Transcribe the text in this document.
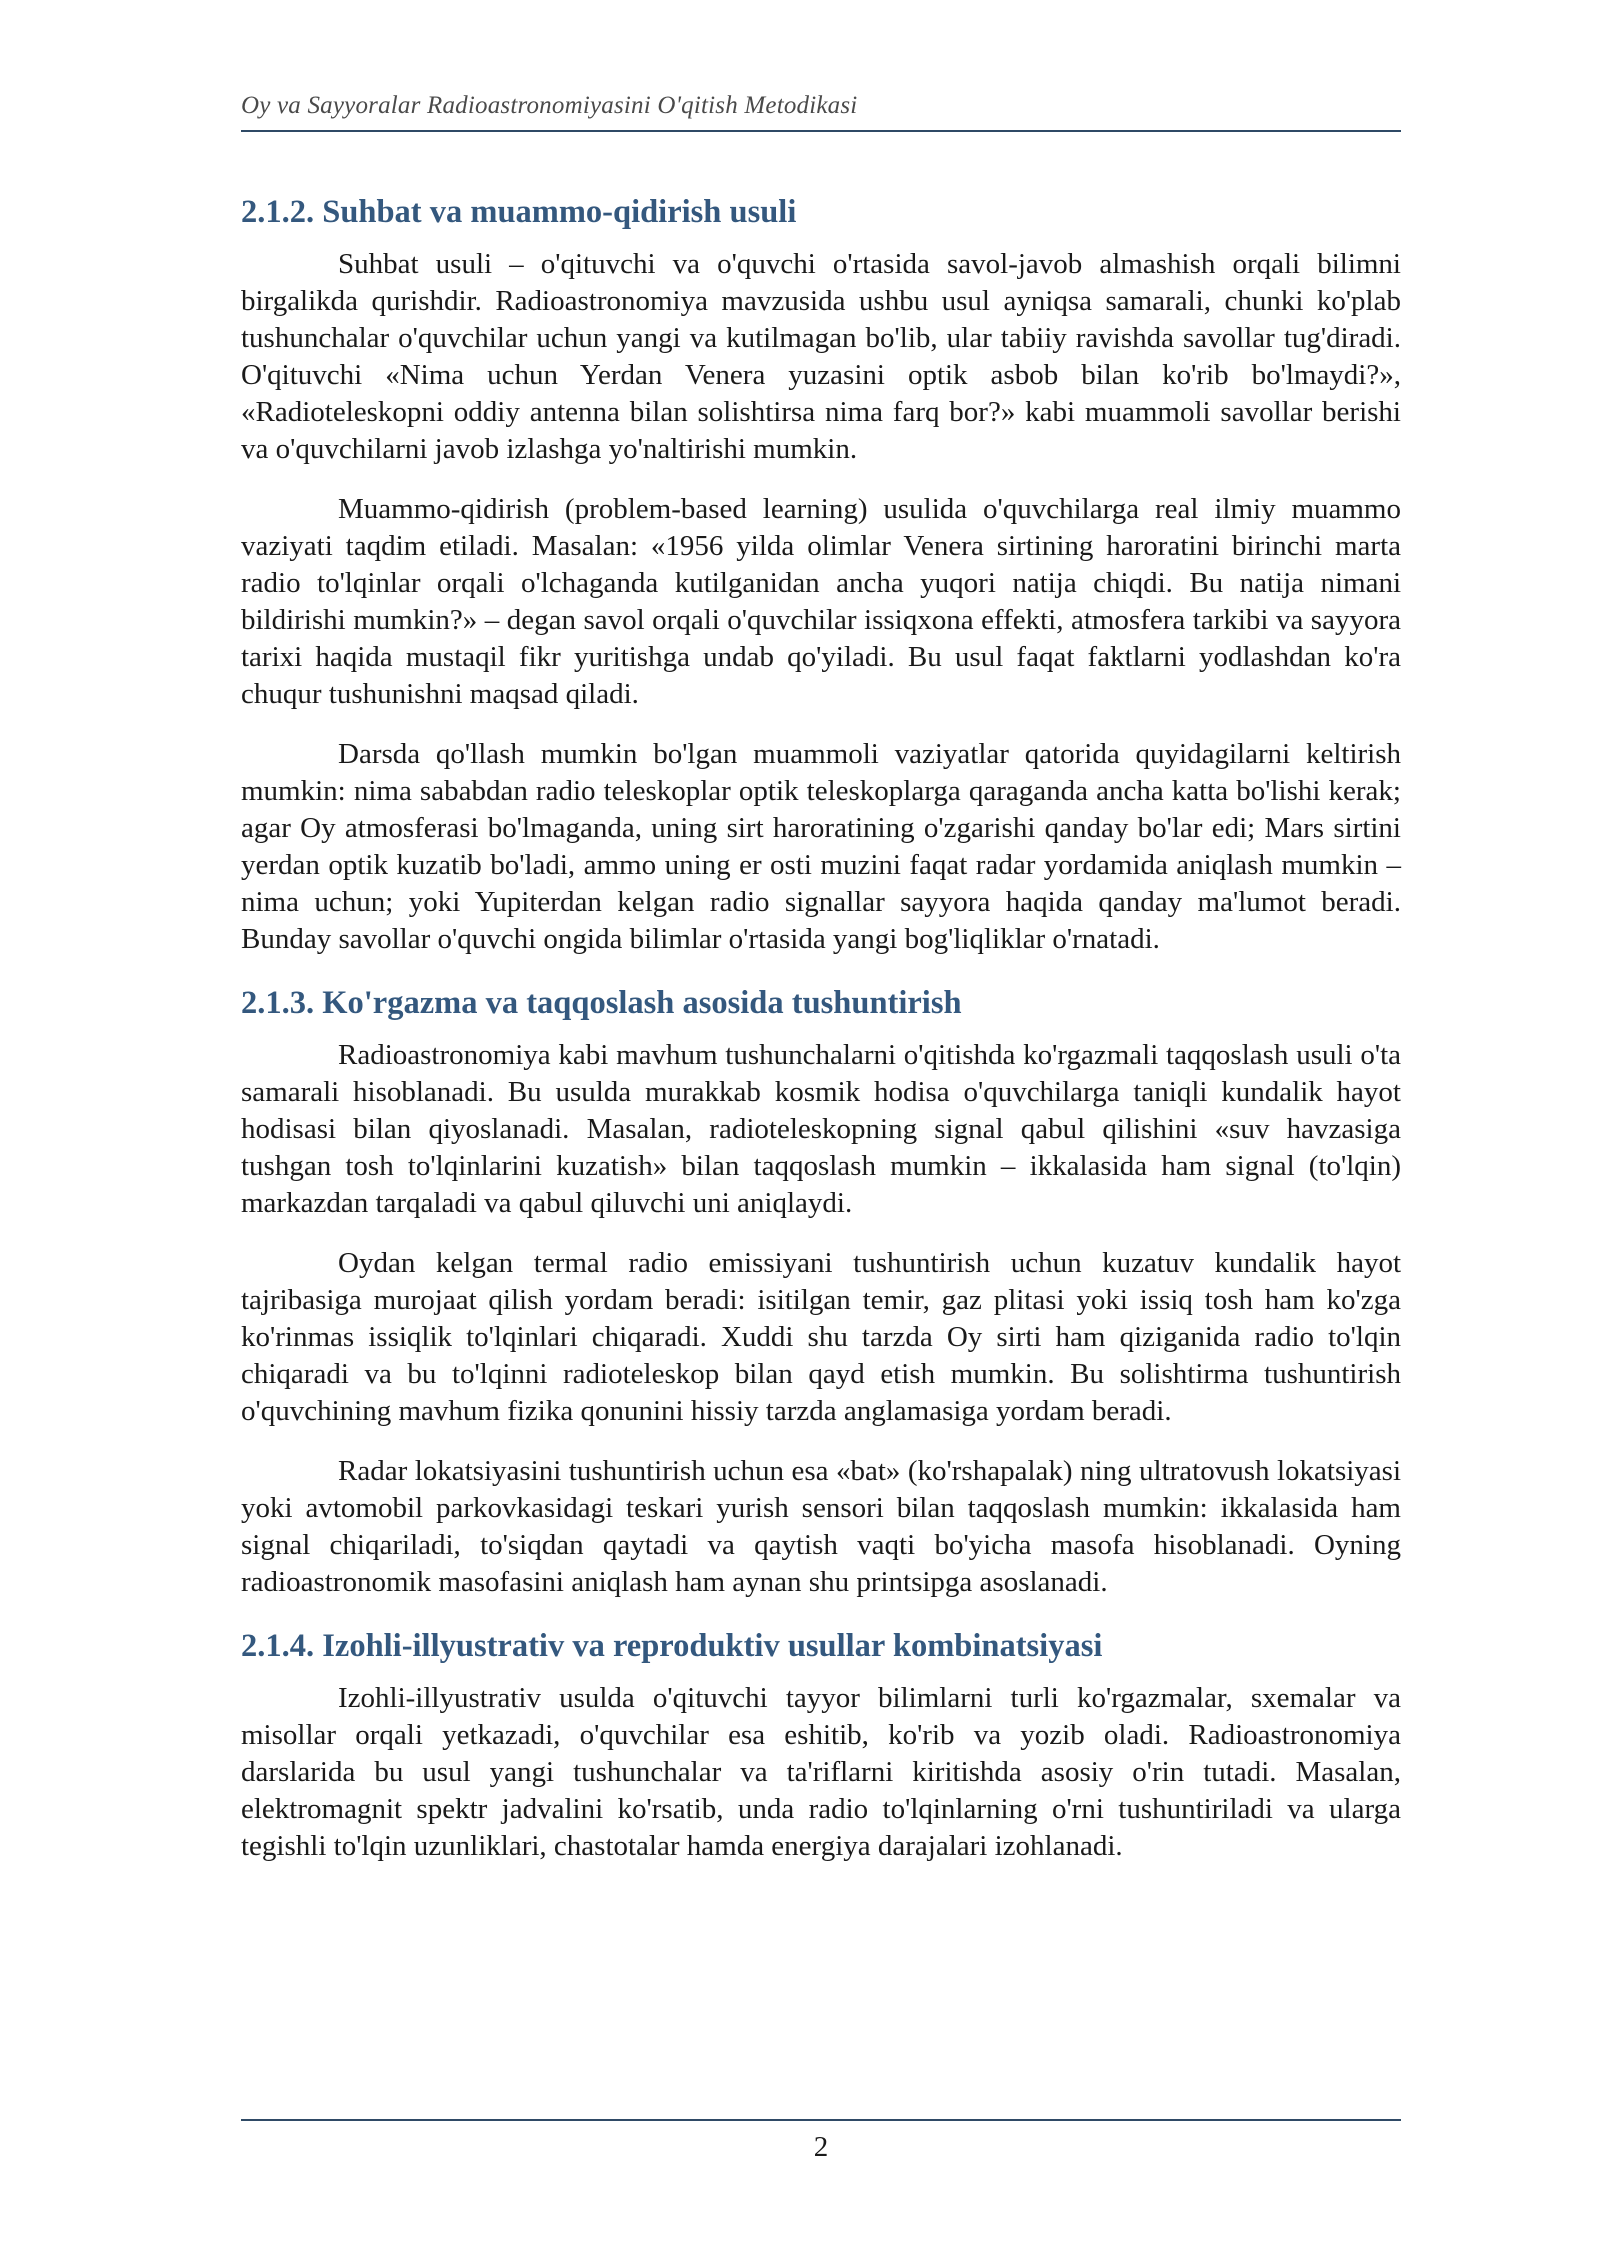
Oy va Sayyoralar Radioastronomiyasini O'qitish Metodikasi
2.1.2. Suhbat va muammo-qidirish usuli

Suhbat usuli – o'qituvchi va o'quvchi o'rtasida savol-javob almashish orqali bilimni birgalikda qurishdir. Radioastronomiya mavzusida ushbu usul ayniqsa samarali, chunki ko'plab tushunchalar o'quvchilar uchun yangi va kutilmagan bo'lib, ular tabiiy ravishda savollar tug'diradi. O'qituvchi «Nima uchun Yerdan Venera yuzasini optik asbob bilan ko'rib bo'lmaydi?», «Radioteleskopni oddiy antenna bilan solishtirsa nima farq bor?» kabi muammoli savollar berishi va o'quvchilarni javob izlashga yo'naltirishi mumkin.

Muammo-qidirish (problem-based learning) usulida o'quvchilarga real ilmiy muammo vaziyati taqdim etiladi. Masalan: «1956 yilda olimlar Venera sirtining haroratini birinchi marta radio to'lqinlar orqali o'lchaganda kutilganidan ancha yuqori natija chiqdi. Bu natija nimani bildirishi mumkin?» – degan savol orqali o'quvchilar issiqxona effekti, atmosfera tarkibi va sayyora tarixi haqida mustaqil fikr yuritishga undab qo'yiladi. Bu usul faqat faktlarni yodlashdan ko'ra chuqur tushunishni maqsad qiladi.

Darsda qo'llash mumkin bo'lgan muammoli vaziyatlar qatorida quyidagilarni keltirish mumkin: nima sababdan radio teleskoplar optik teleskoplarga qaraganda ancha katta bo'lishi kerak; agar Oy atmosferasi bo'lmaganda, uning sirt haroratining o'zgarishi qanday bo'lar edi; Mars sirtini yerdan optik kuzatib bo'ladi, ammo uning er osti muzini faqat radar yordamida aniqlash mumkin – nima uchun; yoki Yupiterdan kelgan radio signallar sayyora haqida qanday ma'lumot beradi. Bunday savollar o'quvchi ongida bilimlar o'rtasida yangi bog'liqliklar o'rnatadi.

2.1.3. Ko'rgazma va taqqoslash asosida tushuntirish

Radioastronomiya kabi mavhum tushunchalarni o'qitishda ko'rgazmali taqqoslash usuli o'ta samarali hisoblanadi. Bu usulda murakkab kosmik hodisa o'quvchilarga taniqli kundalik hayot hodisasi bilan qiyoslanadi. Masalan, radioteleskopning signal qabul qilishini «suv havzasiga tushgan tosh to'lqinlarini kuzatish» bilan taqqoslash mumkin – ikkalasida ham signal (to'lqin) markazdan tarqaladi va qabul qiluvchi uni aniqlaydi.

Oydan kelgan termal radio emissiyani tushuntirish uchun kuzatuv kundalik hayot tajribasiga murojaat qilish yordam beradi: isitilgan temir, gaz plitasi yoki issiq tosh ham ko'zga ko'rinmas issiqlik to'lqinlari chiqaradi. Xuddi shu tarzda Oy sirti ham qiziganida radio to'lqin chiqaradi va bu to'lqinni radioteleskop bilan qayd etish mumkin. Bu solishtirma tushuntirish o'quvchining mavhum fizika qonunini hissiy tarzda anglamasiga yordam beradi.

Radar lokatsiyasini tushuntirish uchun esa «bat» (ko'rshapalak) ning ultratovush lokatsiyasi yoki avtomobil parkovkasidagi teskari yurish sensori bilan taqqoslash mumkin: ikkalasida ham signal chiqariladi, to'siqdan qaytadi va qaytish vaqti bo'yicha masofa hisoblanadi. Oyning radioastronomik masofasini aniqlash ham aynan shu printsipga asoslanadi.

2.1.4. Izohli-illyustrativ va reproduktiv usullar kombinatsiyasi

Izohli-illyustrativ usulda o'qituvchi tayyor bilimlarni turli ko'rgazmalar, sxemalar va misollar orqali yetkazadi, o'quvchilar esa eshitib, ko'rib va yozib oladi. Radioastronomiya darslarida bu usul yangi tushunchalar va ta'riflarni kiritishda asosiy o'rin tutadi. Masalan, elektromagnit spektr jadvalini ko'rsatib, unda radio to'lqinlarning o'rni tushuntiriladi va ularga tegishli to'lqin uzunliklari, chastotalar hamda energiya darajalari izohlanadi.

2
